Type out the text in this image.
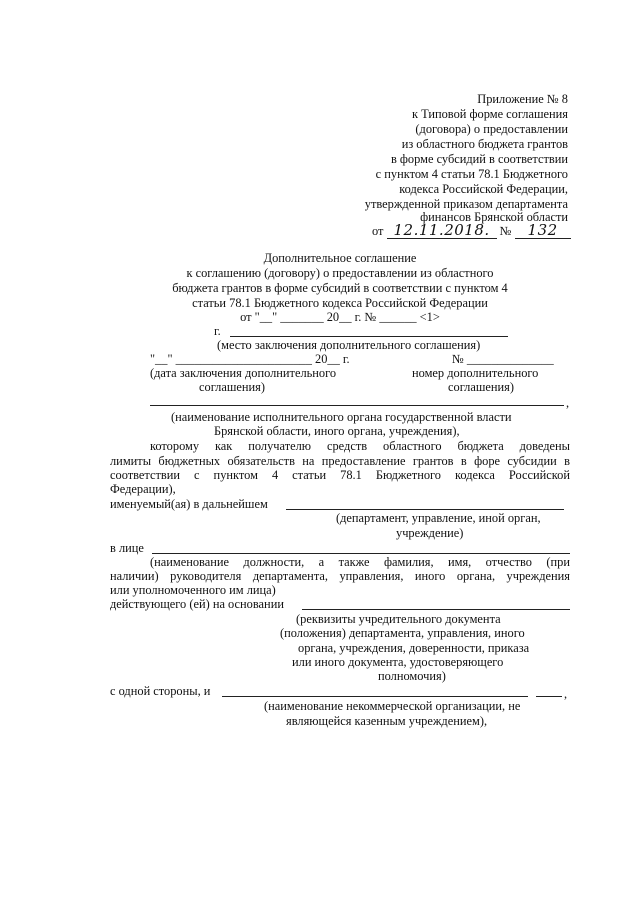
Приложение № 8
к Типовой форме соглашения
(договора) о предоставлении
из областного бюджета грантов
в форме субсидий в соответствии
с пунктом 4 статьи 78.1 Бюджетного
кодекса Российской Федерации,
утвержденной приказом департамента
финансов Брянской области
от 12.11.2018. № 132
Дополнительное соглашение
к соглашению (договору) о предоставлении из областного
бюджета грантов в форме субсидий в соответствии с пунктом 4
статьи 78.1 Бюджетного кодекса Российской Федерации
от "__" _______ 20__ г. № ______ <1>
г.
(место заключения дополнительного соглашения)
"__" ______________________ 20__ г.	№ ______________
(дата заключения дополнительного
соглашения)
номер дополнительного
соглашения)
,
(наименование исполнительного органа государственной власти
Брянской области, иного органа, учреждения),
которому как получателю средств областного бюджета доведены
лимиты бюджетных обязательств на предоставление грантов в форе субсидии в
соответствии с пунктом 4 статьи 78.1 Бюджетного кодекса Российской
Федерации),
именуемый(ая) в дальнейшем
(департамент, управление, иной орган,
учреждение)
в лице
(наименование должности, а также фамилия, имя, отчество (при
наличии) руководителя департамента, управления, иного органа, учреждения
или уполномоченного им лица)
действующего (ей) на основании
(реквизиты учредительного документа
(положения) департамента, управления, иного
органа, учреждения, доверенности, приказа
или иного документа, удостоверяющего
полномочия)
с одной стороны, и	,
(наименование некоммерческой организации, не
являющейся казенным учреждением),
